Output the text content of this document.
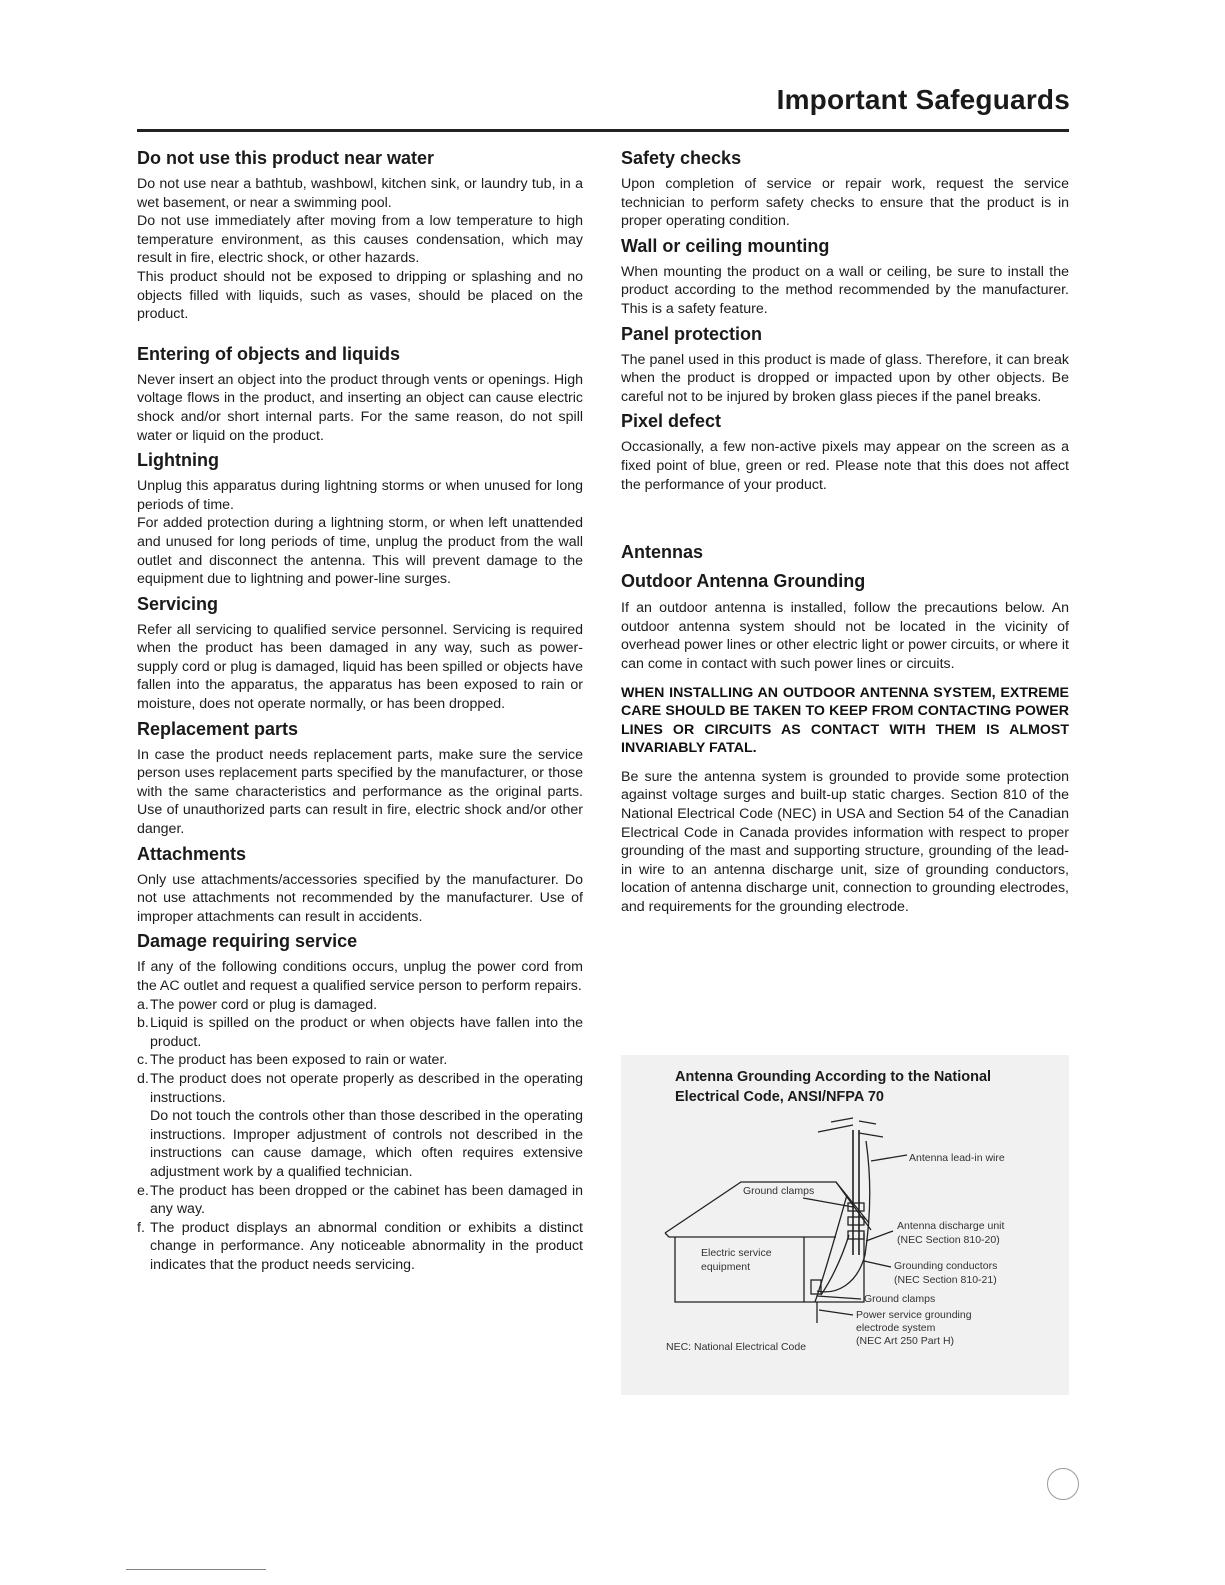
Important Safeguards
Do not use this product near water

Do not use near a bathtub, washbowl, kitchen sink, or laundry tub, in a wet basement, or near a swimming pool.

Do not use immediately after moving from a low temperature to high temperature environment, as this causes condensation, which may result in fire, electric shock, or other hazards.

This product should not be exposed to dripping or splashing and no objects filled with liquids, such as vases, should be placed on the product.

Entering of objects and liquids

Never insert an object into the product through vents or openings. High voltage flows in the product, and inserting an object can cause electric shock and/or short internal parts. For the same reason, do not spill water or liquid on the product.

Lightning

Unplug this apparatus during lightning storms or when unused for long periods of time.

For added protection during a lightning storm, or when left unattended and unused for long periods of time, unplug the product from the wall outlet and disconnect the antenna. This will prevent damage to the equipment due to lightning and power-line surges.

Servicing

Refer all servicing to qualified service personnel. Servicing is required when the product has been damaged in any way, such as power-supply cord or plug is damaged, liquid has been spilled or objects have fallen into the apparatus, the apparatus has been exposed to rain or moisture, does not operate normally, or has been dropped.

Replacement parts

In case the product needs replacement parts, make sure the service person uses replacement parts specified by the manufacturer, or those with the same characteristics and performance as the original parts. Use of unauthorized parts can result in fire, electric shock and/or other danger.

Attachments

Only use attachments/accessories specified by the manufacturer. Do not use attachments not recommended by the manufacturer. Use of improper attachments can result in accidents.

Damage requiring service

If any of the following conditions occurs, unplug the power cord from the AC outlet and request a qualified service person to perform repairs.

a. The power cord or plug is damaged.
b. Liquid is spilled on the product or when objects have fallen into the product.
c. The product has been exposed to rain or water.
d. The product does not operate properly as described in the operating instructions.
Do not touch the controls other than those described in the operating instructions. Improper adjustment of controls not described in the instructions can cause damage, which often requires extensive adjustment work by a qualified technician.
e. The product has been dropped or the cabinet has been damaged in any way.
f. The product displays an abnormal condition or exhibits a distinct change in performance. Any noticeable abnormality in the product indicates that the product needs servicing.
Safety checks

Upon completion of service or repair work, request the service technician to perform safety checks to ensure that the product is in proper operating condition.

Wall or ceiling mounting

When mounting the product on a wall or ceiling, be sure to install the product according to the method recommended by the manufacturer. This is a safety feature.

Panel protection

The panel used in this product is made of glass. Therefore, it can break when the product is dropped or impacted upon by other objects. Be careful not to be injured by broken glass pieces if the panel breaks.

Pixel defect

Occasionally, a few non-active pixels may appear on the screen as a fixed point of blue, green or red. Please note that this does not affect the performance of your product.

Antennas
Outdoor Antenna Grounding

If an outdoor antenna is installed, follow the precautions below. An outdoor antenna system should not be located in the vicinity of overhead power lines or other electric light or power circuits, or where it can come in contact with such power lines or circuits.

WHEN INSTALLING AN OUTDOOR ANTENNA SYSTEM, EXTREME CARE SHOULD BE TAKEN TO KEEP FROM CONTACTING POWER LINES OR CIRCUITS AS CONTACT WITH THEM IS ALMOST INVARIABLY FATAL.

Be sure the antenna system is grounded to provide some protection against voltage surges and built-up static charges. Section 810 of the National Electrical Code (NEC) in USA and Section 54 of the Canadian Electrical Code in Canada provides information with respect to proper grounding of the mast and supporting structure, grounding of the lead-in wire to an antenna discharge unit, size of grounding conductors, location of antenna discharge unit, connection to grounding electrodes, and requirements for the grounding electrode.

Antenna lead-in wire
Ground clamps
Antenna discharge unit
(NEC Section 810-20)
Electric service
equipment	Grounding conductors
(NEC Section 810-21)
Ground clamps
Power service grounding
electrode system
(NEC Art 250 Part H)
NEC: National Electrical Code
Antenna Grounding According to the National
Electrical Code, ANSI/NFPA 70
